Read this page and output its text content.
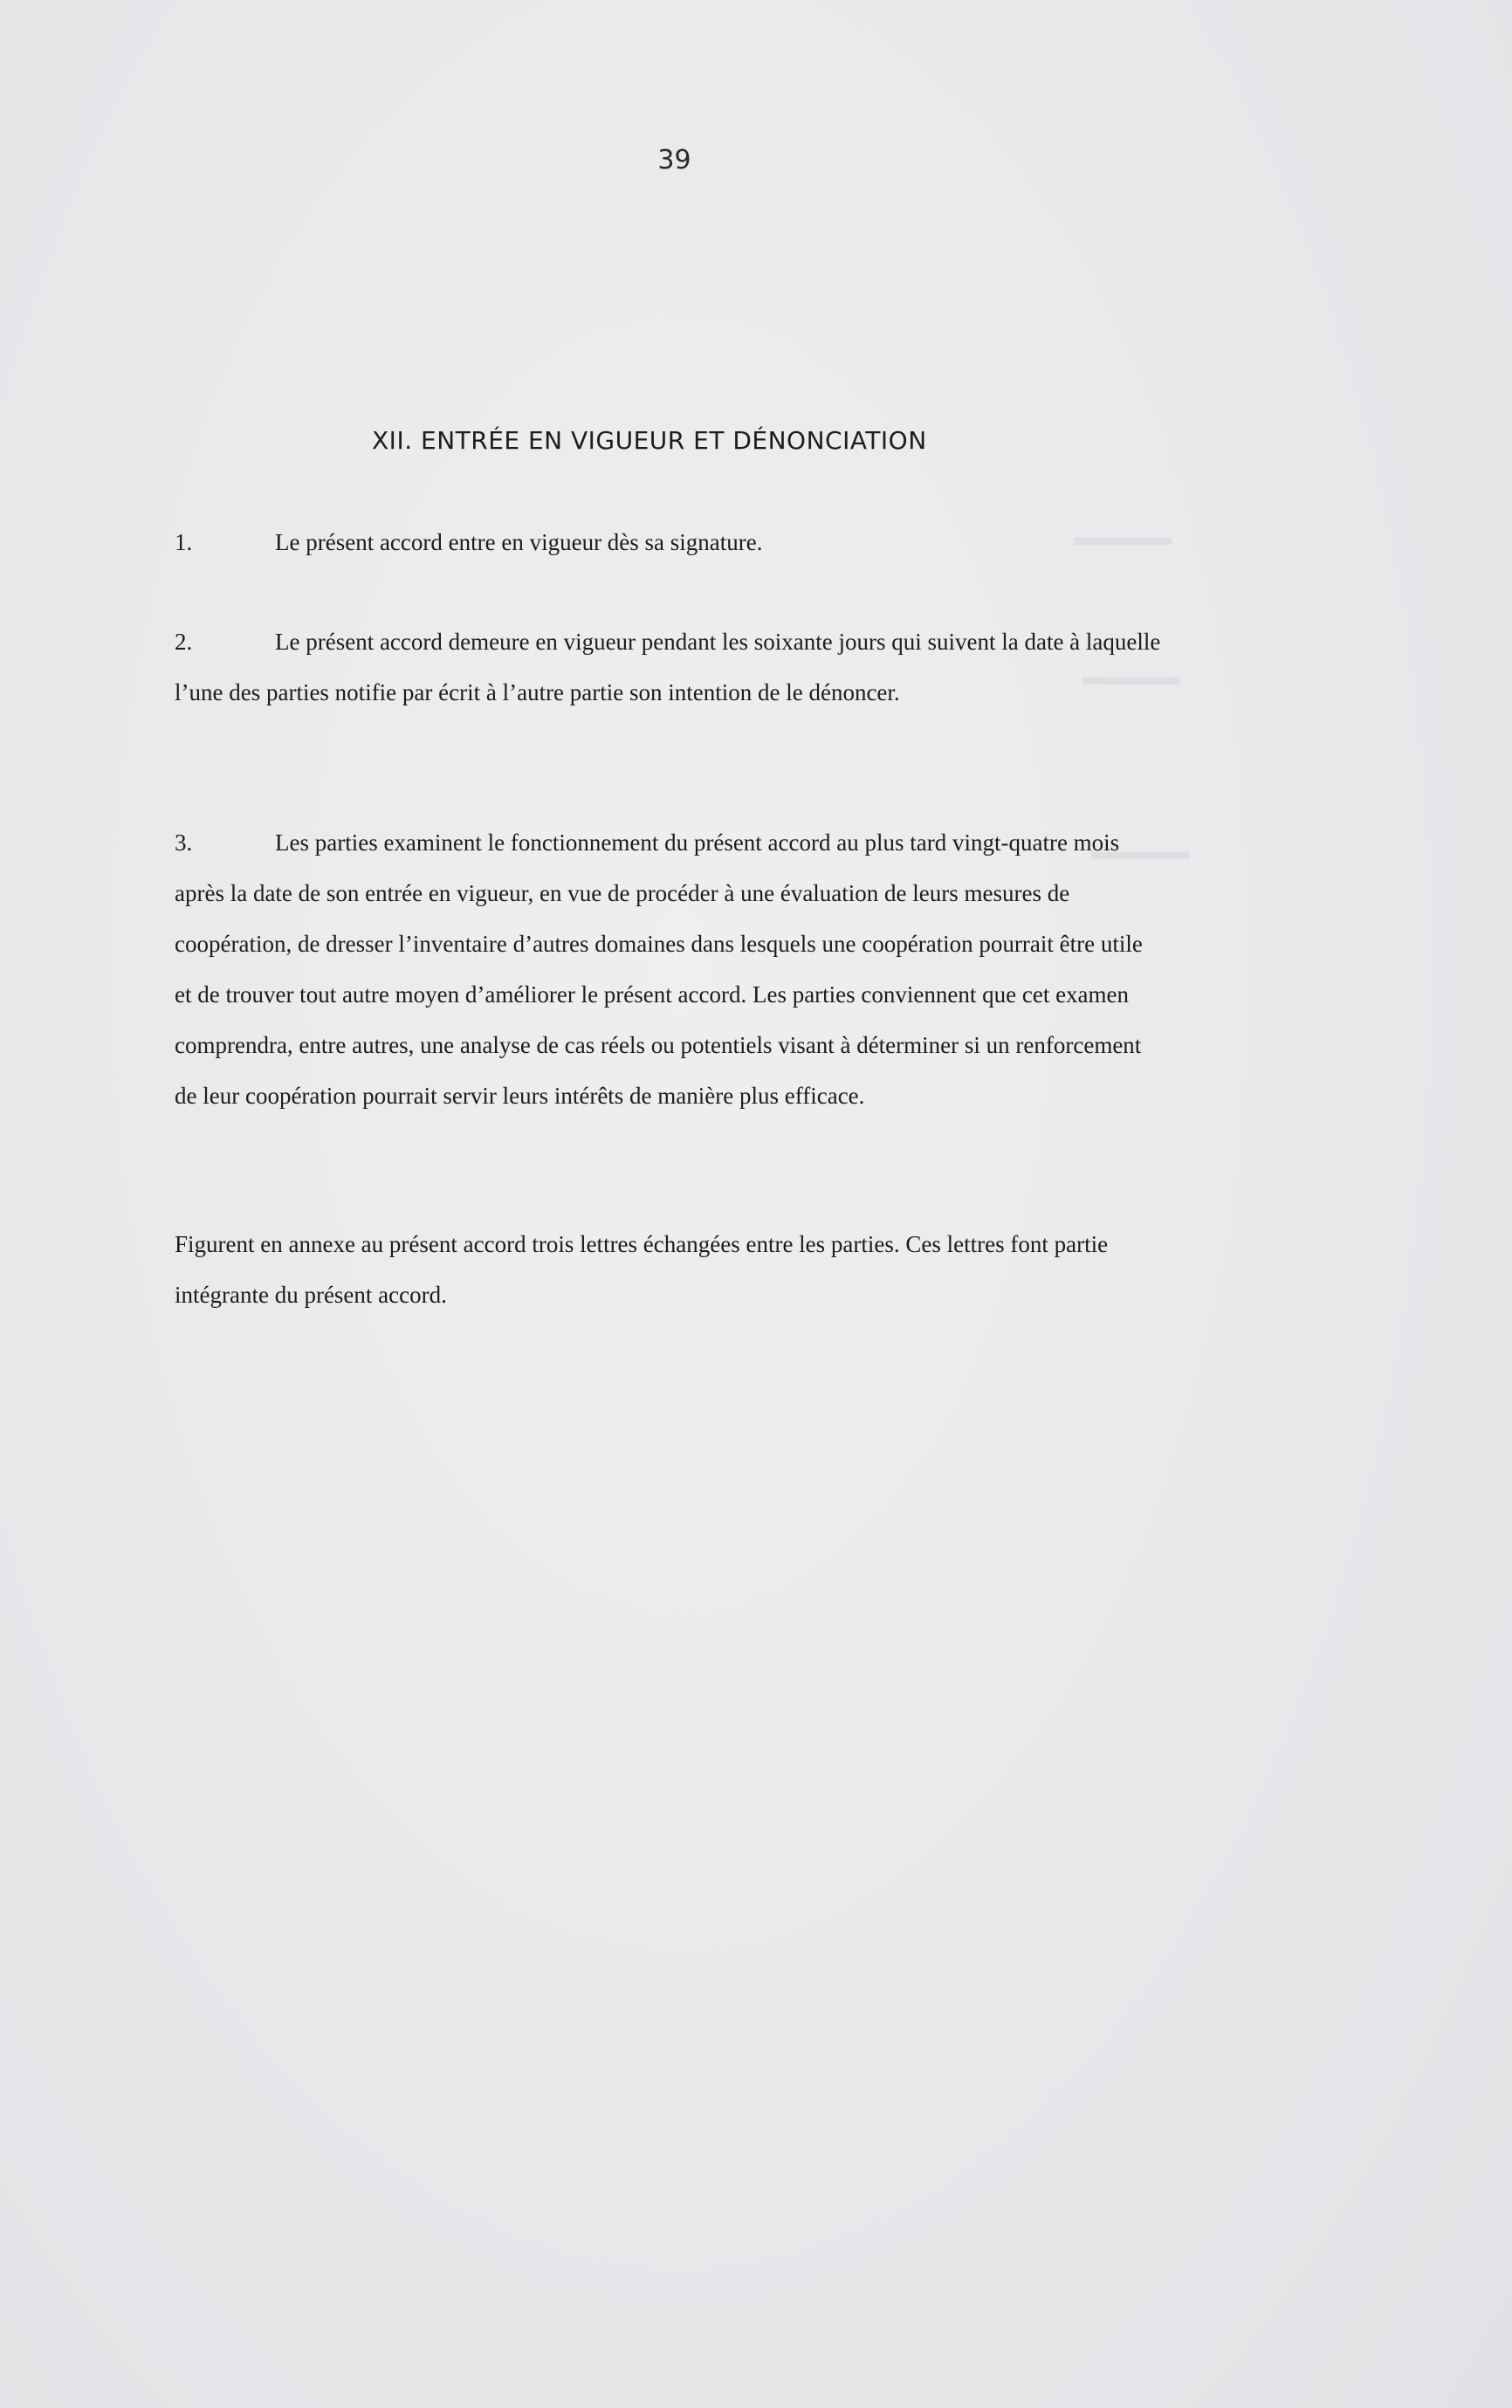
▬▬▬▬
▬▬▬▬
▬▬▬▬
39
XII. ENTRÉE EN VIGUEUR ET DÉNONCIATION
1.	Le présent accord entre en vigueur dès sa signature.
2.	Le présent accord demeure en vigueur pendant les soixante jours qui suivent la date à laquelle l’une des parties notifie par écrit à l’autre partie son intention de le dénoncer.
3.	Les parties examinent le fonctionnement du présent accord au plus tard vingt-quatre mois après la date de son entrée en vigueur, en vue de procéder à une évaluation de leurs mesures de coopération, de dresser l’inventaire d’autres domaines dans lesquels une coopération pourrait être utile et de trouver tout autre moyen d’améliorer le présent accord. Les parties conviennent que cet examen comprendra, entre autres, une analyse de cas réels ou potentiels visant à déterminer si un renforcement de leur coopération pourrait servir leurs intérêts de manière plus efficace.
Figurent en annexe au présent accord trois lettres échangées entre les parties. Ces lettres font partie intégrante du présent accord.
